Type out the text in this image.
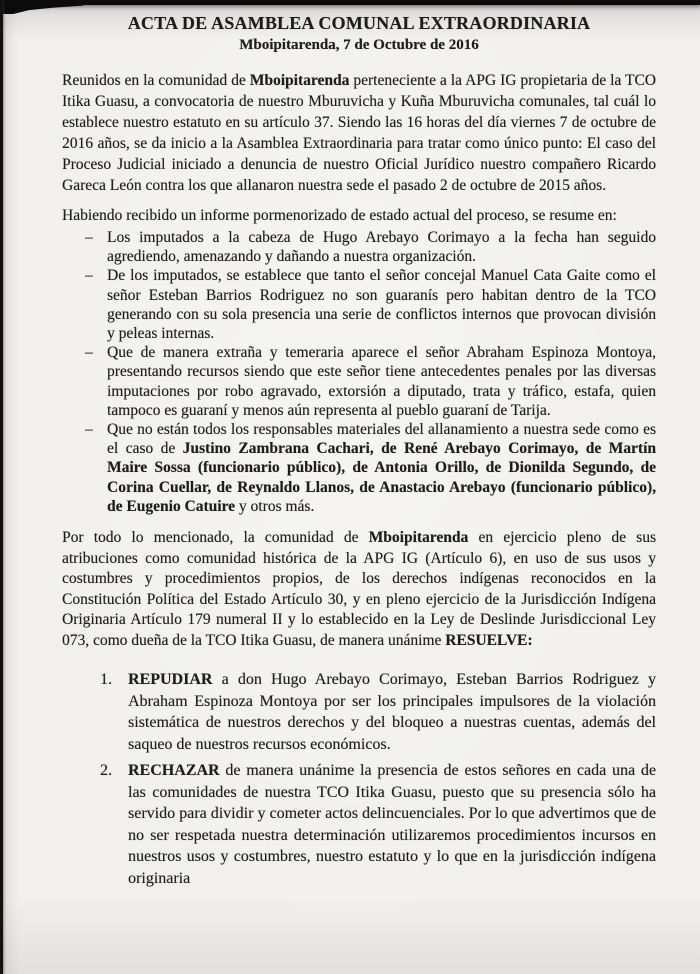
ACTA DE ASAMBLEA COMUNAL EXTRAORDINARIA
Mboipitarenda, 7 de Octubre de 2016

Reunidos en la comunidad de Mboipitarenda perteneciente a la APG IG propietaria de la TCO Itika Guasu, a convocatoria de nuestro Mburuvicha y Kuña Mburuvicha comunales, tal cuál lo establece nuestro estatuto en su artículo 37. Siendo las 16 horas del día viernes 7 de octubre de 2016 años, se da inicio a la Asamblea Extraordinaria para tratar como único punto: El caso del Proceso Judicial iniciado a denuncia de nuestro Oficial Jurídico nuestro compañero Ricardo Gareca León contra los que allanaron nuestra sede el pasado 2 de octubre de 2015 años.

Habiendo recibido un informe pormenorizado de estado actual del proceso, se resume en:

– Los imputados a la cabeza de Hugo Arebayo Corimayo a la fecha han seguido agrediendo, amenazando y dañando a nuestra organización.
– De los imputados, se establece que tanto el señor concejal Manuel Cata Gaite como el señor Esteban Barrios Rodriguez no son guaranís pero habitan dentro de la TCO generando con su sola presencia una serie de conflictos internos que provocan división y peleas internas.
– Que de manera extraña y temeraria aparece el señor Abraham Espinoza Montoya, presentando recursos siendo que este señor tiene antecedentes penales por las diversas imputaciones por robo agravado, extorsión a diputado, trata y tráfico, estafa, quien tampoco es guaraní y menos aún representa al pueblo guaraní de Tarija.
– Que no están todos los responsables materiales del allanamiento a nuestra sede como es el caso de Justino Zambrana Cachari, de René Arebayo Corimayo, de Martín Maire Sossa (funcionario público), de Antonia Orillo, de Dionilda Segundo, de Corina Cuellar, de Reynaldo Llanos, de Anastacio Arebayo (funcionario público), de Eugenio Catuire y otros más.

Por todo lo mencionado, la comunidad de Mboipitarenda en ejercicio pleno de sus atribuciones como comunidad histórica de la APG IG (Artículo 6), en uso de sus usos y costumbres y procedimientos propios, de los derechos indígenas reconocidos en la Constitución Política del Estado Artículo 30, y en pleno ejercicio de la Jurisdicción Indígena Originaria Artículo 179 numeral II y lo establecido en la Ley de Deslinde Jurisdiccional Ley 073, como dueña de la TCO Itika Guasu, de manera unánime RESUELVE:

1.	REPUDIAR a don Hugo Arebayo Corimayo, Esteban Barrios Rodriguez y Abraham Espinoza Montoya por ser los principales impulsores de la violación sistemática de nuestros derechos y del bloqueo a nuestras cuentas, además del saqueo de nuestros recursos económicos.
2.	RECHAZAR de manera unánime la presencia de estos señores en cada una de las comunidades de nuestra TCO Itika Guasu, puesto que su presencia sólo ha servido para dividir y cometer actos delincuenciales. Por lo que advertimos que de no ser respetada nuestra determinación utilizaremos procedimientos incursos en nuestros usos y costumbres, nuestro estatuto y lo que en la jurisdicción indígena originaria
